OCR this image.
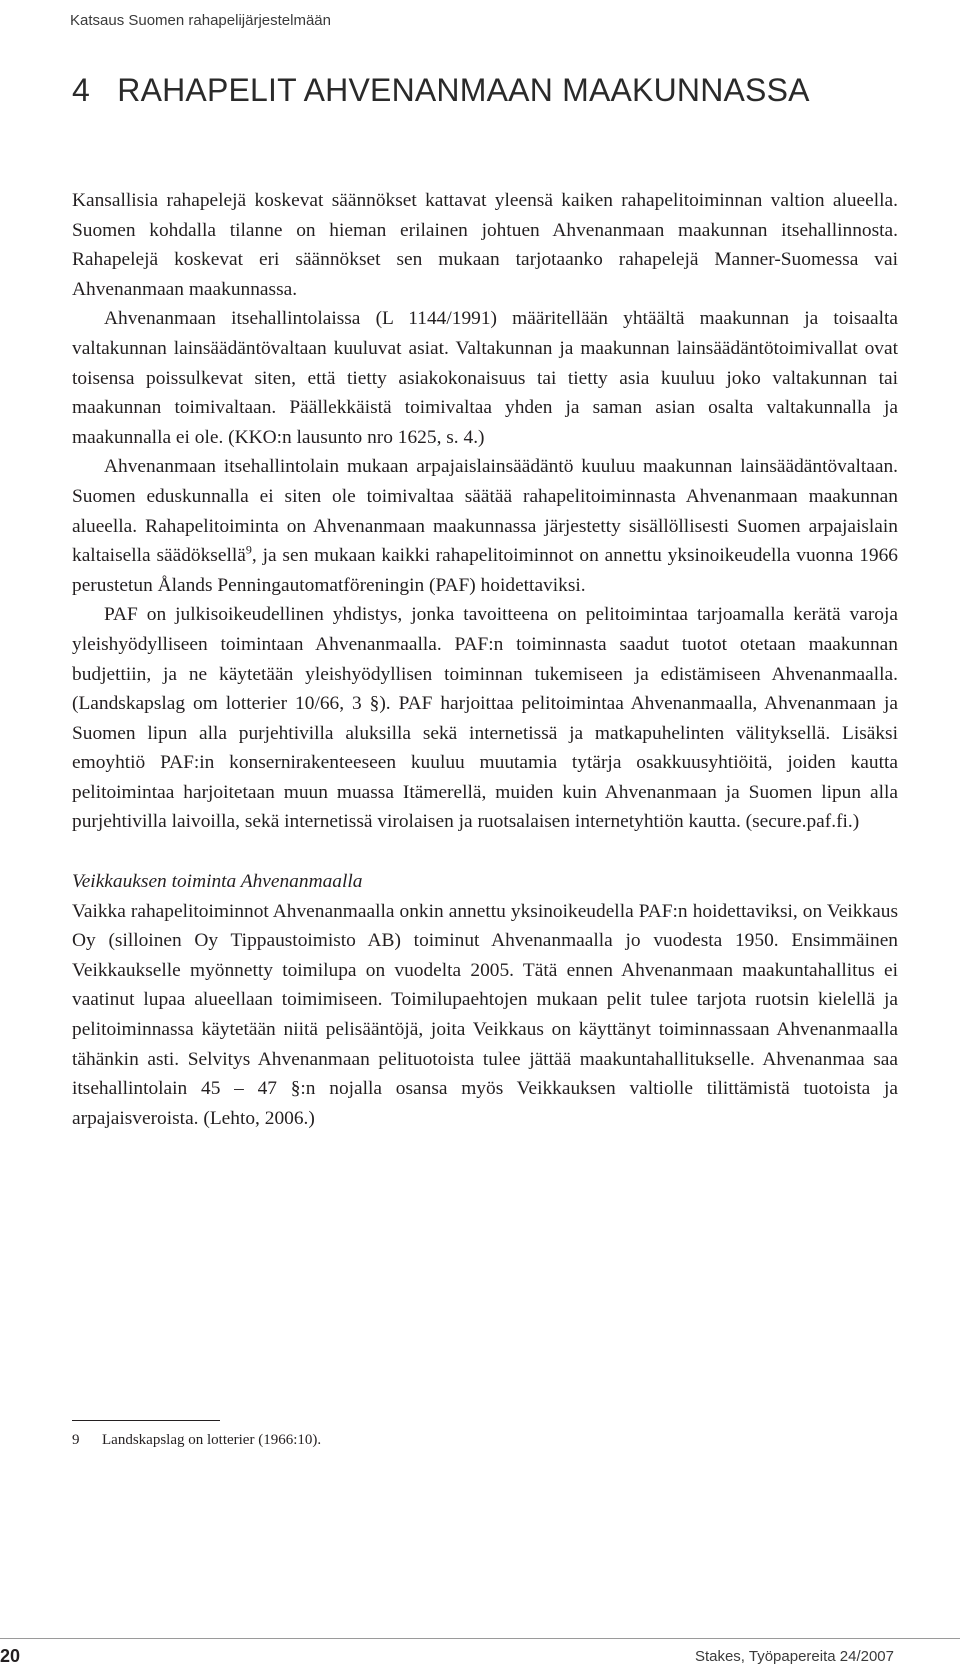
Katsaus Suomen rahapelijärjestelmään
4   RAHAPELIT AHVENANMAAN MAAKUNNASSA

Kansallisia rahapelejä koskevat säännökset kattavat yleensä kaiken rahapelitoiminnan valtion alueella. Suomen kohdalla tilanne on hieman erilainen johtuen Ahvenanmaan maakunnan itsehallinnosta. Rahapelejä koskevat eri säännökset sen mukaan tarjotaanko rahapelejä Manner-Suomessa vai Ahvenanmaan maakunnassa.

Ahvenanmaan itsehallintolaissa (L 1144/1991) määritellään yhtäältä maakunnan ja toisaalta valtakunnan lainsäädäntövaltaan kuuluvat asiat. Valtakunnan ja maakunnan lainsäädäntötoimivallat ovat toisensa poissulkevat siten, että tietty asiakokonaisuus tai tietty asia kuuluu joko valtakunnan tai maakunnan toimivaltaan. Päällekkäistä toimivaltaa yhden ja saman asian osalta valtakunnalla ja maakunnalla ei ole. (KKO:n lausunto nro 1625, s. 4.)

Ahvenanmaan itsehallintolain mukaan arpajaislainsäädäntö kuuluu maakunnan lainsäädäntövaltaan. Suomen eduskunnalla ei siten ole toimivaltaa säätää rahapelitoiminnasta Ahvenanmaan maakunnan alueella. Rahapelitoiminta on Ahvenanmaan maakunnassa järjestetty sisällöllisesti Suomen arpajaislain kaltaisella säädöksellä$^9$, ja sen mukaan kaikki rahapelitoiminnot on annettu yksinoikeudella vuonna 1966 perustetun Ålands Penningautomatföreningin (PAF) hoidettaviksi.

PAF on julkisoikeudellinen yhdistys, jonka tavoitteena on pelitoimintaa tarjoamalla kerätä varoja yleishyödylliseen toimintaan Ahvenanmaalla. PAF:n toiminnasta saadut tuotot otetaan maakunnan budjettiin, ja ne käytetään yleishyödyllisen toiminnan tukemiseen ja edistämiseen Ahvenanmaalla. (Landskapslag om lotterier 10/66, 3 §). PAF harjoittaa pelitoimintaa Ahvenanmaalla, Ahvenanmaan ja Suomen lipun alla purjehtivilla aluksilla sekä internetissä ja matkapuhelinten välityksellä. Lisäksi emoyhtiö PAF:in konsernirakenteeseen kuuluu muutamia tytärja osakkuusyhtiöitä, joiden kautta pelitoimintaa harjoitetaan muun muassa Itämerellä, muiden kuin Ahvenanmaan ja Suomen lipun alla purjehtivilla laivoilla, sekä internetissä virolaisen ja ruotsalaisen internetyhtiön kautta. (secure.paf.fi.)

Veikkauksen toiminta Ahvenanmaalla

Vaikka rahapelitoiminnot Ahvenanmaalla onkin annettu yksinoikeudella PAF:n hoidettaviksi, on Veikkaus Oy (silloinen Oy Tippaustoimisto AB) toiminut Ahvenanmaalla jo vuodesta 1950. Ensimmäinen Veikkaukselle myönnetty toimilupa on vuodelta 2005. Tätä ennen Ahvenanmaan maakuntahallitus ei vaatinut lupaa alueellaan toimimiseen. Toimilupaehtojen mukaan pelit tulee tarjota ruotsin kielellä ja pelitoiminnassa käytetään niitä pelisääntöjä, joita Veikkaus on käyttänyt toiminnassaan Ahvenanmaalla tähänkin asti. Selvitys Ahvenanmaan pelituotoista tulee jättää maakuntahallitukselle. Ahvenanmaa saa itsehallintolain 45 – 47 §:n nojalla osansa myös Veikkauksen valtiolle tilittämistä tuotoista ja arpajaisveroista. (Lehto, 2006.)

9 Landskapslag on lotterier (1966:10).
20	Stakes, Työpapereita 24/2007
